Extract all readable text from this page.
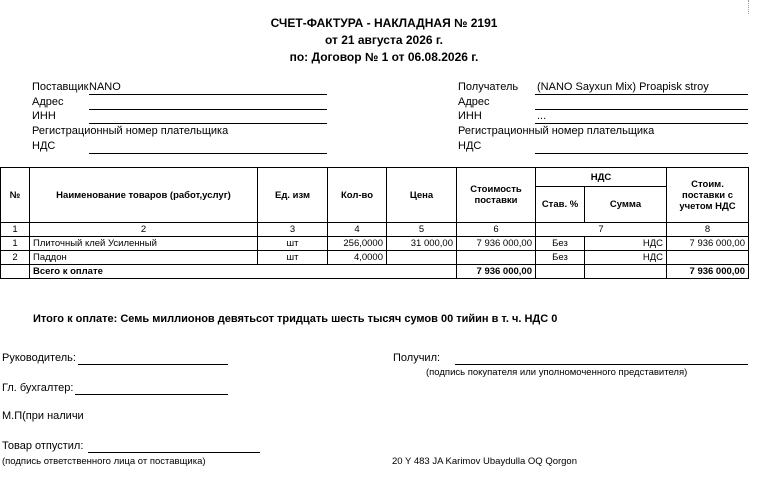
СЧЕТ-ФАКТУРА - НАКЛАДНАЯ № 2191
от 21 августа 2026 г.
по: Договор № 1 от 06.08.2026 г.
Поставщик NANO
Адрес
ИНН
Регистрационный номер плательщика
НДС
Получатель (NANO Sayxun Mix) Proapisk stroy
Адрес
ИНН	...
Регистрационный номер плательщика
НДС
№	Наименование товаров (работ,услуг)	Ед. изм	Кол-во	Цена	Стоимость поставки	НДС		Стоим. поставки с учетом НДС
						Став. %	Сумма	
1	2	3	4	5	6	7		8
1	Плиточный клей Усиленный	шт	256,0000	31 000,00	7 936 000,00	Без	НДС	7 936 000,00
2	Паддон	шт	4,0000			Без	НДС	
	Всего к оплате				7 936 000,00			7 936 000,00
Итого к оплате: Семь миллионов девятьсот тридцать шесть тысяч сумов 00 тийин в т. ч. НДС 0
Руководитель:
Гл. бухгалтер:
М.П(при наличи
Товар отпустил:
(подпись ответственного лица от поставщика)
Получил:
(подпись покупателя или уполномоченного представителя)
20 Y 483 JA Karimov Ubaydulla OQ Qorgon
